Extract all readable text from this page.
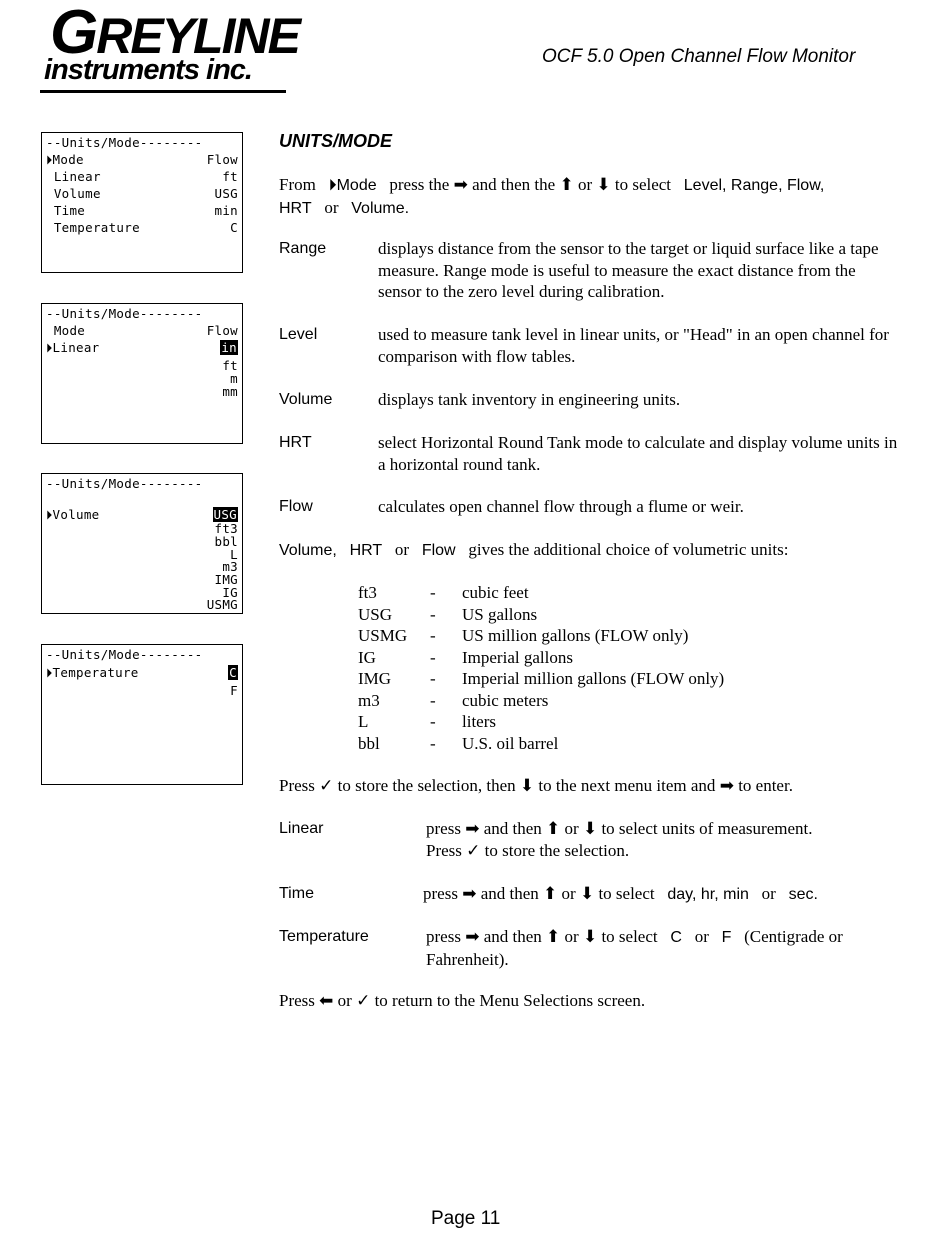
GREYLINE
instruments inc.	OCF 5.0 Open Channel Flow Monitor
--Units/Mode--------
⏵Mode	Flow
Linear	ft
Volume	USG
Time	min
Temperature	C
--Units/Mode--------
Mode	Flow
⏵Linear	in
ft
m
mm
--Units/Mode--------
⏵Volume	USG
ft3
bbl
L
m3
IMG
IG
USMG
--Units/Mode--------
⏵Temperature	C
F
UNITS/MODE
From ⏵Mode press the ➡ and then the ⬆ or ⬇ to select Level, Range, Flow,
HRT or Volume.
Range	displays distance from the sensor to the target or liquid surface like a tape measure. Range mode is useful to measure the exact distance from the sensor to the zero level during calibration.
Level	used to measure tank level in linear units, or "Head" in an open channel for comparison with flow tables.
Volume	displays tank inventory in engineering units.
HRT	select Horizontal Round Tank mode to calculate and display volume units in a horizontal round tank.
Flow	calculates open channel flow through a flume or weir.
Volume, HRT or Flow gives the additional choice of volumetric units:
ft3	- cubic feet
USG - US gallons
USMG - US million gallons (FLOW only)
IG	- Imperial gallons
IMG - Imperial million gallons (FLOW only)
m3	- cubic meters
L	- liters
bbl	- U.S. oil barrel
Press ✓ to store the selection, then ⬇ to the next menu item and ➡ to enter.
Linear	press ➡ and then ⬆ or ⬇ to select units of measurement.
Press ✓ to store the selection.
Time	press ➡ and then ⬆ or ⬇ to select day, hr, min or sec.
Temperature	press ➡ and then ⬆ or ⬇ to select C or F (Centigrade or
Fahrenheit).
Press ⬅ or ✓ to return to the Menu Selections screen.
Page 11
